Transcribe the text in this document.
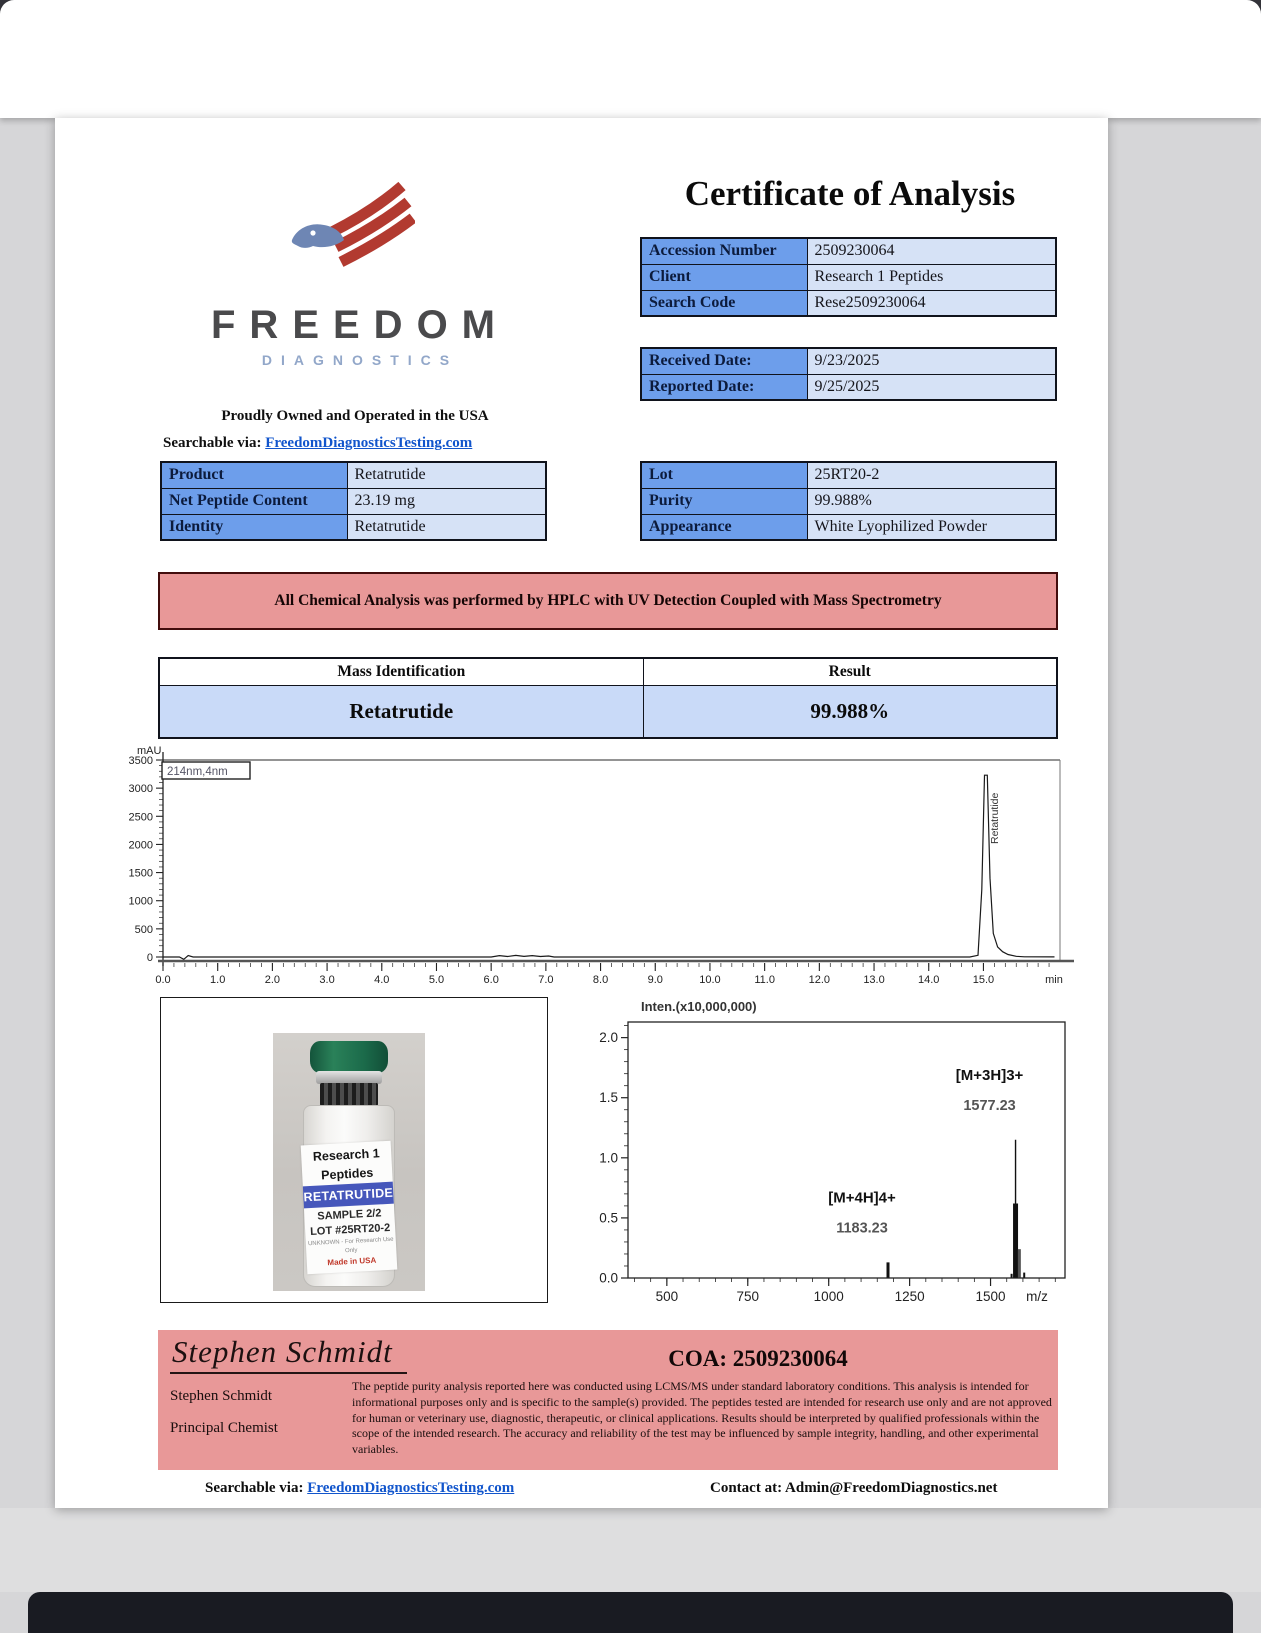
FREEDOM
DIAGNOSTICS
Proudly Owned and Operated in the USA
Searchable via: FreedomDiagnosticsTesting.com
Certificate of Analysis
Accession Number	2509230064
Client	Research 1 Peptides
Search Code	Rese2509230064
Received Date:	9/23/2025
Reported Date:	9/25/2025
Product	Retatrutide
Net Peptide Content	23.19 mg
Identity	Retatrutide
Lot	25RT20-2
Purity	99.988%
Appearance	White Lyophilized Powder
All Chemical Analysis was performed by HPLC with UV Detection Coupled with Mass Spectrometry
Mass Identification	Result
Retatrutide	99.988%
0
500
1000
1500
2000
2500
3000
3500
0.0	1.0	2.0	3.0	4.0	5.0	6.0	7.0	8.0	9.0	10.0	11.0	12.0	13.0	14.0	15.0	min
mAU
214nm,4nm
Retatrutide
Research 1 Peptides
RETATRUTIDE
SAMPLE 2/2
LOT #25RT20-2
UNKNOWN - For Research Use Only
Made in USA
Inten.(x10,000,000)
0.0
0.5
1.0
1.5
2.0
500	750	1000	1250	1500 m/z
1183.23
[M+4H]4+
1577.23
[M+3H]3+
Stephen Schmidt	COA: 2509230064
Stephen Schmidt
Principal Chemist
The peptide purity analysis reported here was conducted using LCMS/MS under standard laboratory conditions. This analysis is intended for informational purposes only and is specific to the sample(s) provided. The peptides tested are intended for research use only and are not approved for human or veterinary use, diagnostic, therapeutic, or clinical applications. Results should be interpreted by qualified professionals within the scope of the intended research. The accuracy and reliability of the test may be influenced by sample integrity, handling, and other experimental variables.
Searchable via: FreedomDiagnosticsTesting.com	Contact at: Admin@FreedomDiagnostics.net
